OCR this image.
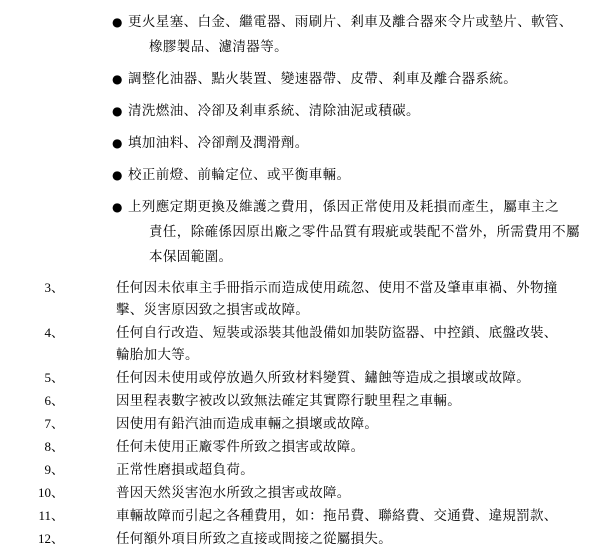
● 更火星塞、白金、繼電器、雨刷片、剎車及離合器來令片或墊片、軟管、
橡膠製品、濾清器等。
● 調整化油器、點火裝置、變速器帶、皮帶、剎車及離合器系統。
● 清洗燃油、冷卻及剎車系統、清除油泥或積碳。
● 填加油料、冷卻劑及潤滑劑。
● 校正前燈、前輪定位、或平衡車輛。
● 上列應定期更換及維護之費用，係因正常使用及耗損而產生，屬車主之
責任，除確係因原出廠之零件品質有瑕疵或裝配不當外，所需費用不屬
本保固範圍。
3、	任何因未依車主手冊指示而造成使用疏忽、使用不當及肇車車禍、外物撞
擊、災害原因致之損害或故障。
4、	任何自行改造、短裝或添裝其他設備如加裝防盜器、中控鎖、底盤改裝、
輪胎加大等。
5、	任何因未使用或停放過久所致材料變質、鏽蝕等造成之損壞或故障。
6、	因里程表數字被改以致無法確定其實際行駛里程之車輛。
7、	因使用有鉛汽油而造成車輛之損壞或故障。
8、	任何未使用正廠零件所致之損害或故障。
9、	正常性磨損或超負荷。
10、	普因天然災害泡水所致之損害或故障。
11、	車輛故障而引起之各種費用，如：拖吊費、聯絡費、交通費、違規罰款、
12、	任何額外項目所致之直接或間接之從屬損失。
